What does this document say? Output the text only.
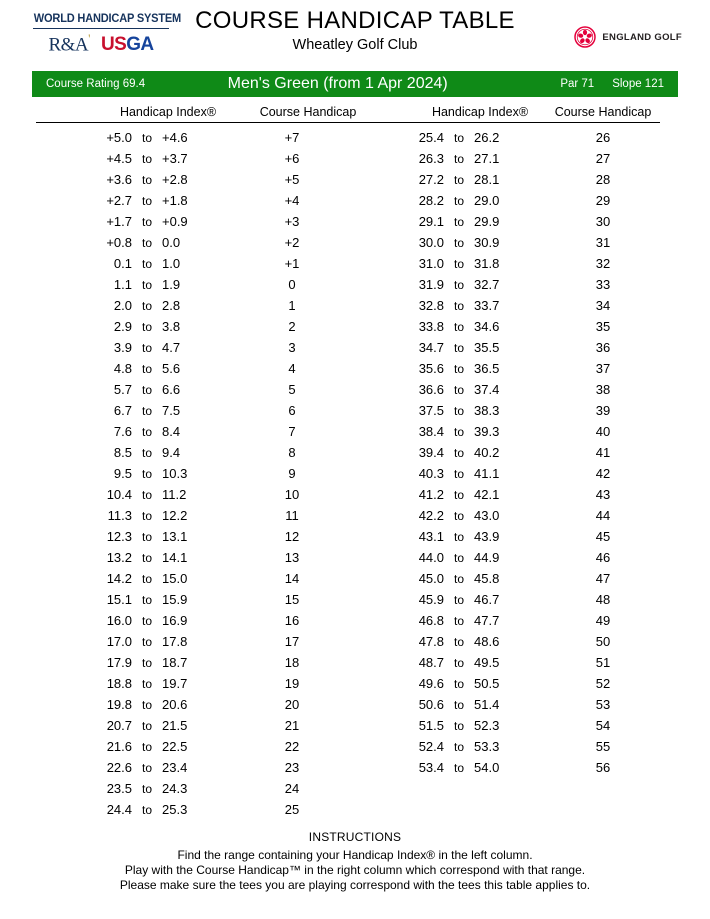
WORLD HANDICAP SYSTEM
R&A' USGA
COURSE HANDICAP TABLE
Wheatley Golf Club
ENGLAND GOLF
Course Rating 69.4	Men's Green (from 1 Apr 2024)	Par 71 Slope 121
Handicap Index®	Course Handicap	Handicap Index®	Course Handicap
+5.0 to +4.6	+7
+4.5 to +3.7	+6
+3.6 to +2.8	+5
+2.7 to +1.8	+4
+1.7 to +0.9	+3
+0.8 to 0.0	+2
0.1 to 1.0	+1
1.1 to 1.9	0
2.0 to 2.8	1
2.9 to 3.8	2
3.9 to 4.7	3
4.8 to 5.6	4
5.7 to 6.6	5
6.7 to 7.5	6
7.6 to 8.4	7
8.5 to 9.4	8
9.5 to 10.3	9
10.4 to 11.2	10
11.3 to 12.2	11
12.3 to 13.1	12
13.2 to 14.1	13
14.2 to 15.0	14
15.1 to 15.9	15
16.0 to 16.9	16
17.0 to 17.8	17
17.9 to 18.7	18
18.8 to 19.7	19
19.8 to 20.6	20
20.7 to 21.5	21
21.6 to 22.5	22
22.6 to 23.4	23
23.5 to 24.3	24
24.4 to 25.3	25
25.4 to 26.2	26
26.3 to 27.1	27
27.2 to 28.1	28
28.2 to 29.0	29
29.1 to 29.9	30
30.0 to 30.9	31
31.0 to 31.8	32
31.9 to 32.7	33
32.8 to 33.7	34
33.8 to 34.6	35
34.7 to 35.5	36
35.6 to 36.5	37
36.6 to 37.4	38
37.5 to 38.3	39
38.4 to 39.3	40
39.4 to 40.2	41
40.3 to 41.1	42
41.2 to 42.1	43
42.2 to 43.0	44
43.1 to 43.9	45
44.0 to 44.9	46
45.0 to 45.8	47
45.9 to 46.7	48
46.8 to 47.7	49
47.8 to 48.6	50
48.7 to 49.5	51
49.6 to 50.5	52
50.6 to 51.4	53
51.5 to 52.3	54
52.4 to 53.3	55
53.4 to 54.0	56
INSTRUCTIONS
Find the range containing your Handicap Index® in the left column.
Play with the Course Handicap™ in the right column which correspond with that range.
Please make sure the tees you are playing correspond with the tees this table applies to.
